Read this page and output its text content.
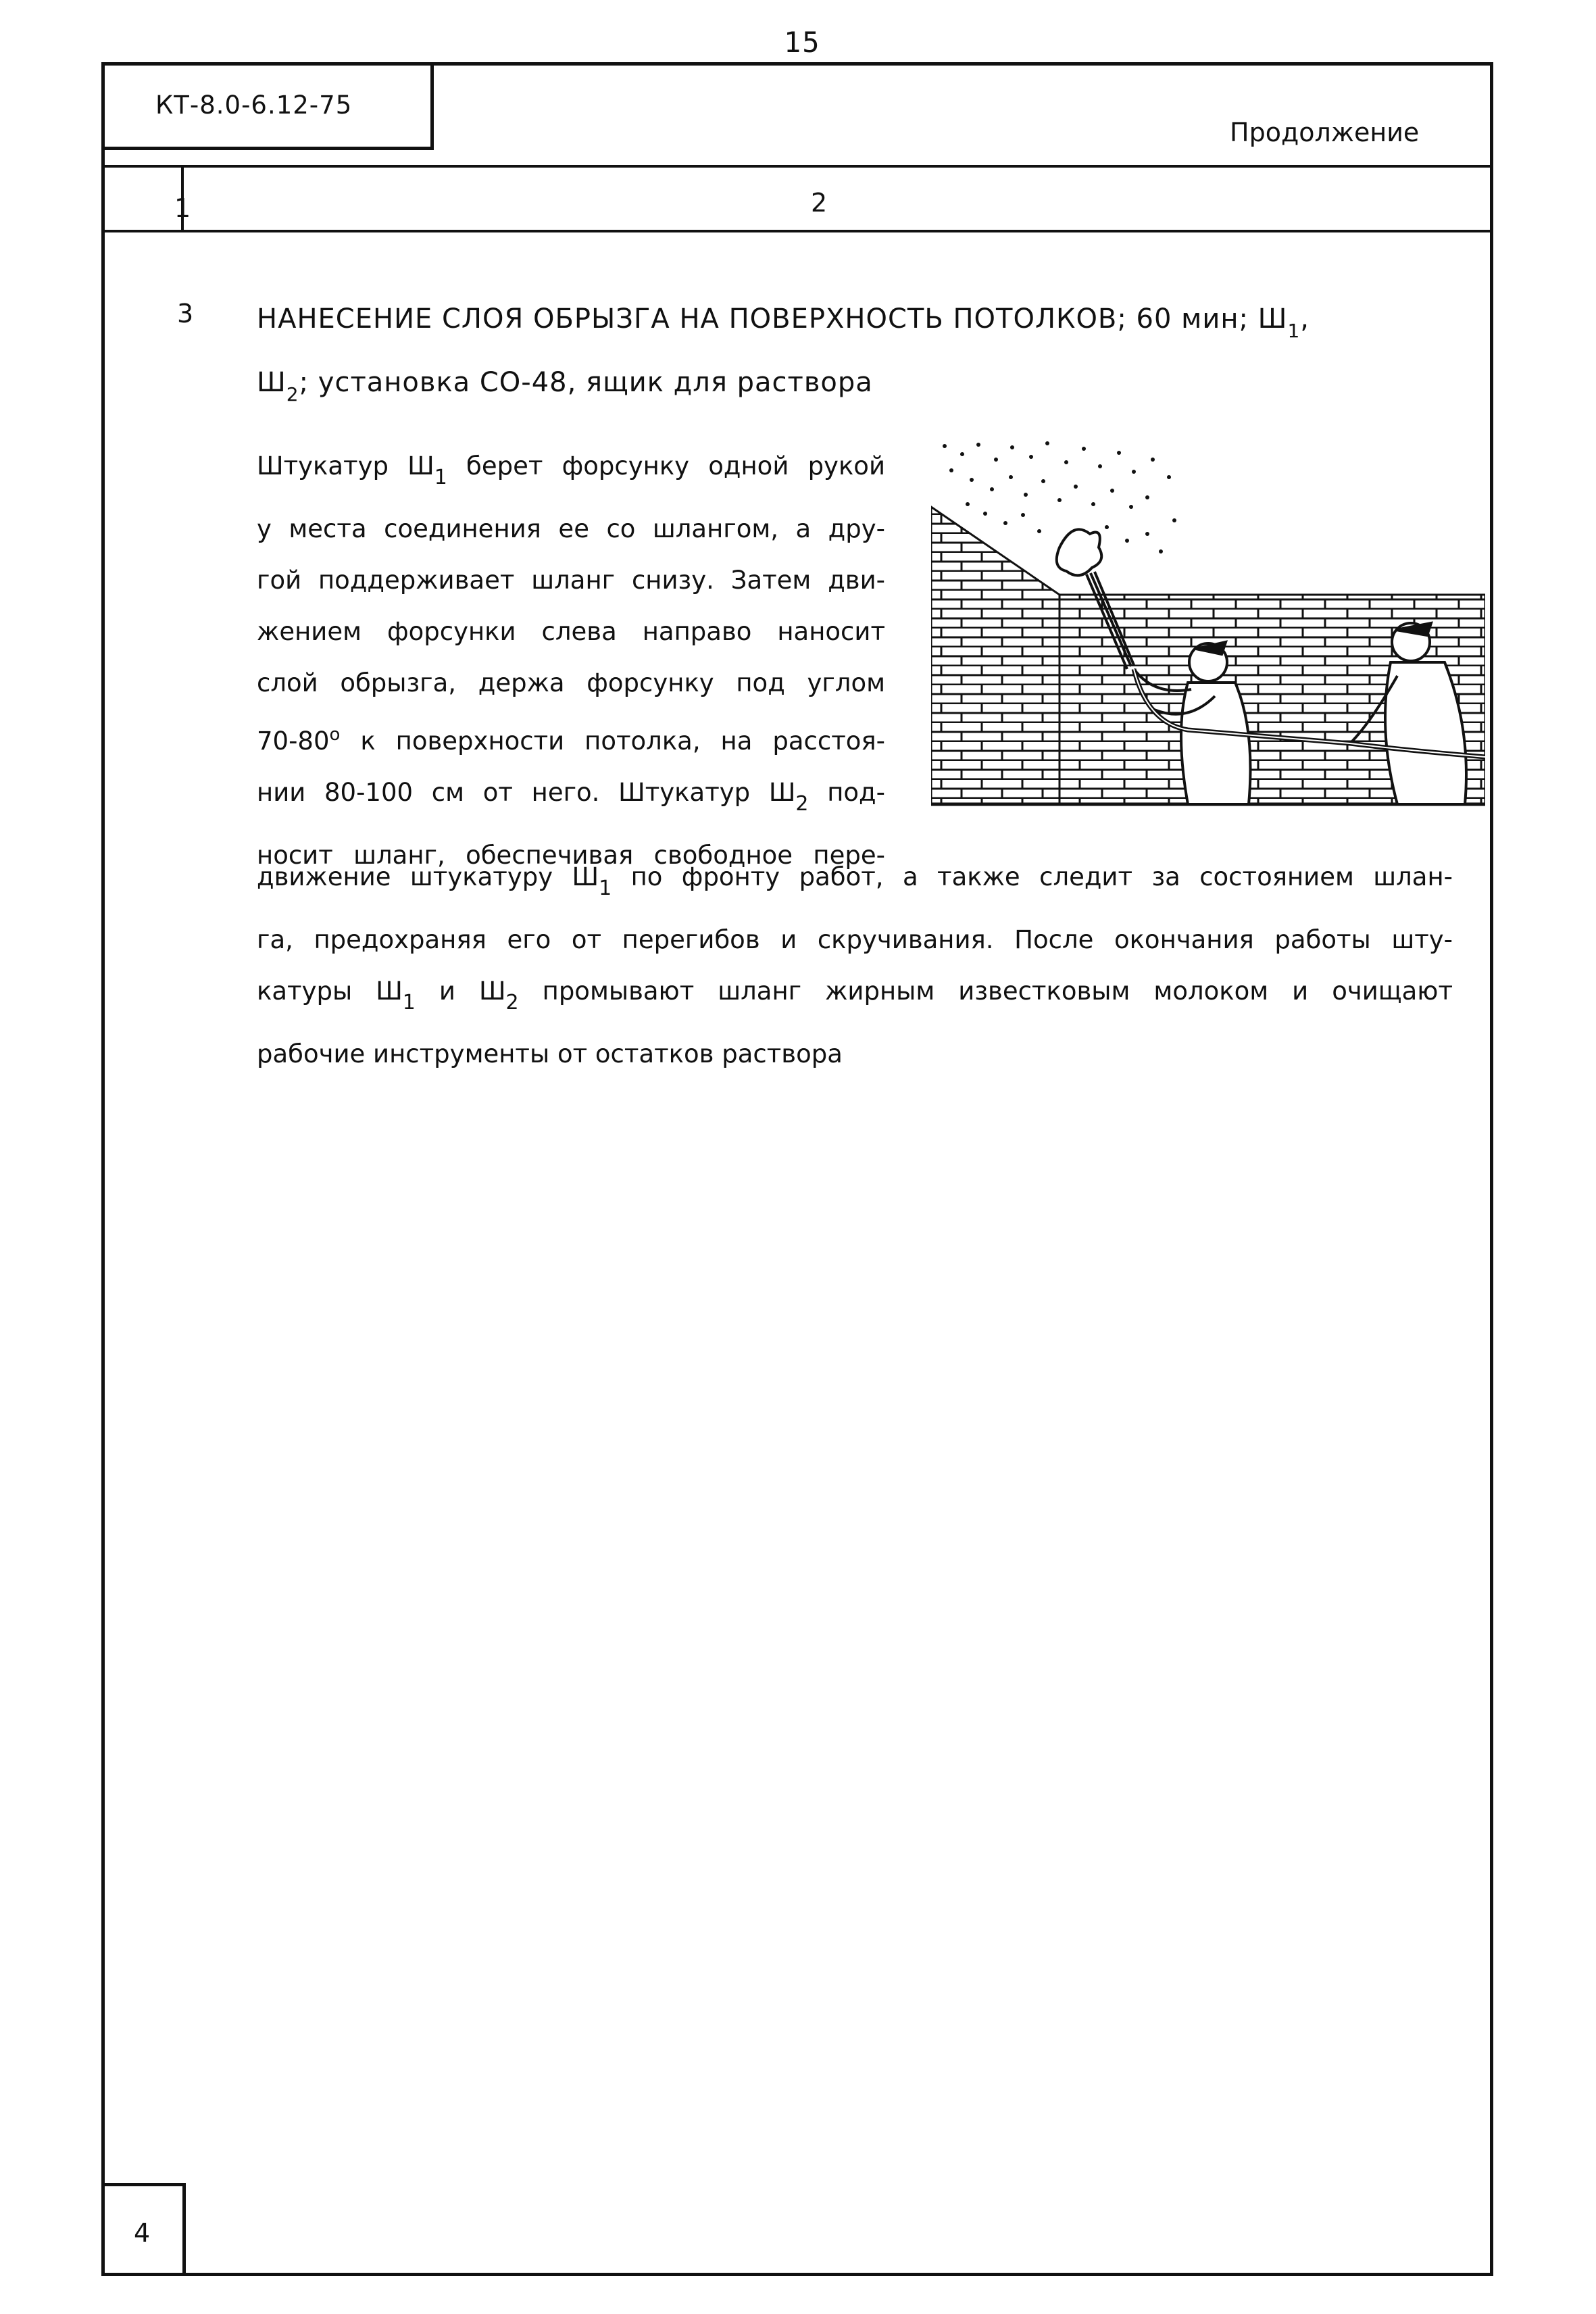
15
КТ-8.0-6.12-75
Продолжение
1	2
3 НАНЕСЕНИЕ СЛОЯ ОБРЫЗГА НА ПОВЕРХНОСТЬ ПОТОЛКОВ; 60 мин; $Ш_1$,
$Ш_2$; установка СО-48, ящик для раствора
Штукатур $Ш_1$ берет форсунку одной рукой
у места соединения ее со шлангом, а дру-
гой поддерживает шланг снизу. Затем дви-
жением форсунки слева направо наносит
слой обрызга, держа форсунку под углом
$70-80^о$ к поверхности потолка, на расстоя-
нии 80-100 см от него. Штукатур $Ш_2$ под-
носит шланг, обеспечивая свободное пере-
движение штукатуру $Ш_1$ по фронту работ, а также следит за состоянием шлан-
га, предохраняя его от перегибов и скручивания. После окончания работы шту-
катуры $Ш_1$ и $Ш_2$ промывают шланг жирным известковым молоком и очищают
рабочие инструменты от остатков раствора
4
